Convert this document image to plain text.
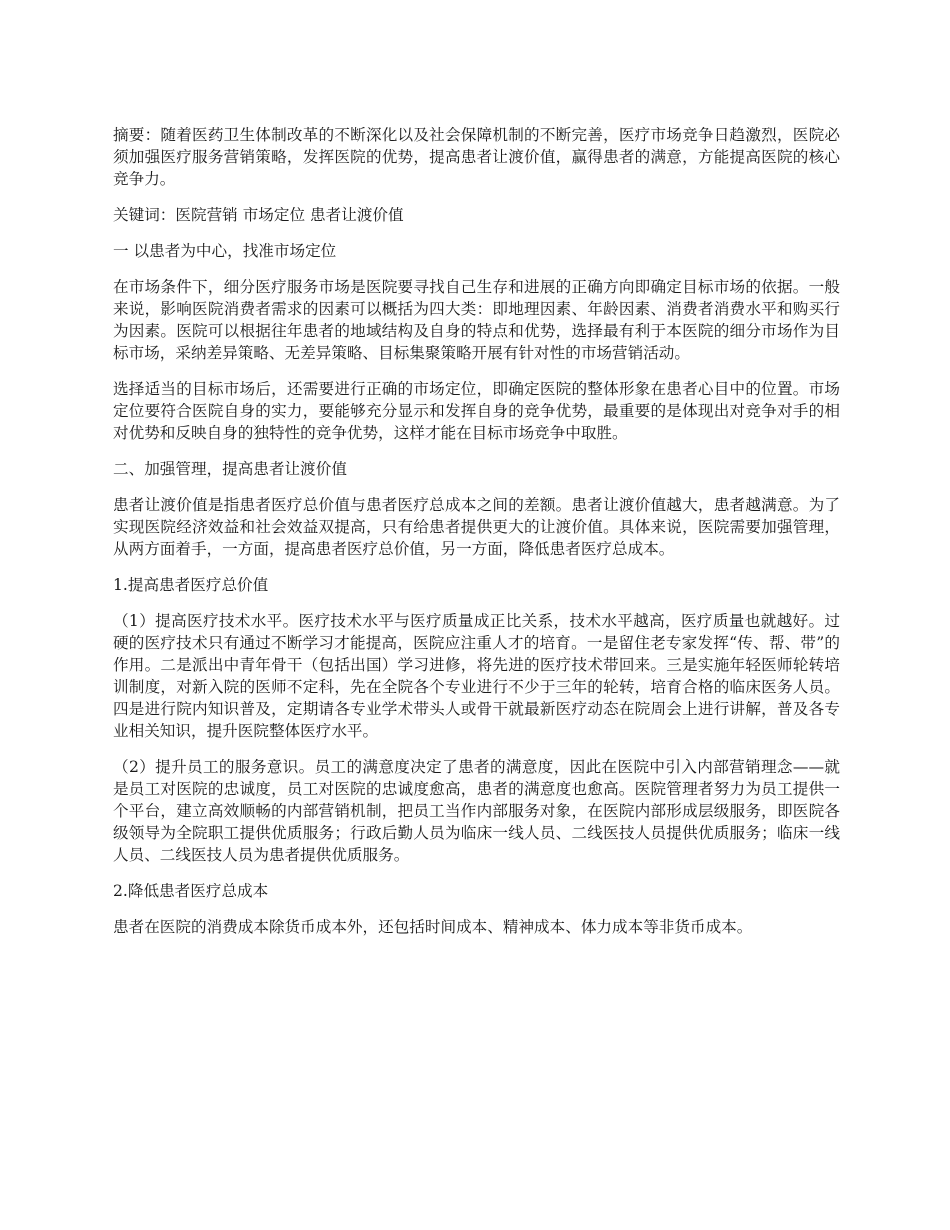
摘要：随着医药卫生体制改革的不断深化以及社会保障机制的不断完善，医疗市场竞争日趋激烈，医院必须加强医疗服务营销策略，发挥医院的优势，提高患者让渡价值，赢得患者的满意，方能提高医院的核心竞争力。

关键词：医院营销 市场定位 患者让渡价值

一 以患者为中心，找准市场定位

在市场条件下，细分医疗服务市场是医院要寻找自己生存和进展的正确方向即确定目标市场的依据。一般来说，影响医院消费者需求的因素可以概括为四大类：即地理因素、年龄因素、消费者消费水平和购买行为因素。医院可以根据往年患者的地域结构及自身的特点和优势，选择最有利于本医院的细分市场作为目标市场，采纳差异策略、无差异策略、目标集聚策略开展有针对性的市场营销活动。

选择适当的目标市场后，还需要进行正确的市场定位，即确定医院的整体形象在患者心目中的位置。市场定位要符合医院自身的实力，要能够充分显示和发挥自身的竞争优势，最重要的是体现出对竞争对手的相对优势和反映自身的独特性的竞争优势，这样才能在目标市场竞争中取胜。

二、加强管理，提高患者让渡价值

患者让渡价值是指患者医疗总价值与患者医疗总成本之间的差额。患者让渡价值越大，患者越满意。为了实现医院经济效益和社会效益双提高，只有给患者提供更大的让渡价值。具体来说，医院需要加强管理，从两方面着手，一方面，提高患者医疗总价值，另一方面，降低患者医疗总成本。

1.提高患者医疗总价值

（1）提高医疗技术水平。医疗技术水平与医疗质量成正比关系，技术水平越高，医疗质量也就越好。过硬的医疗技术只有通过不断学习才能提高，医院应注重人才的培育。一是留住老专家发挥“传、帮、带”的作用。二是派出中青年骨干（包括出国）学习进修，将先进的医疗技术带回来。三是实施年轻医师轮转培训制度，对新入院的医师不定科，先在全院各个专业进行不少于三年的轮转，培育合格的临床医务人员。四是进行院内知识普及，定期请各专业学术带头人或骨干就最新医疗动态在院周会上进行讲解，普及各专业相关知识，提升医院整体医疗水平。

（2）提升员工的服务意识。员工的满意度决定了患者的满意度，因此在医院中引入内部营销理念——就是员工对医院的忠诚度，员工对医院的忠诚度愈高，患者的满意度也愈高。医院管理者努力为员工提供一个平台，建立高效顺畅的内部营销机制，把员工当作内部服务对象，在医院内部形成层级服务，即医院各级领导为全院职工提供优质服务；行政后勤人员为临床一线人员、二线医技人员提供优质服务；临床一线人员、二线医技人员为患者提供优质服务。

2.降低患者医疗总成本

患者在医院的消费成本除货币成本外，还包括时间成本、精神成本、体力成本等非货币成本。
